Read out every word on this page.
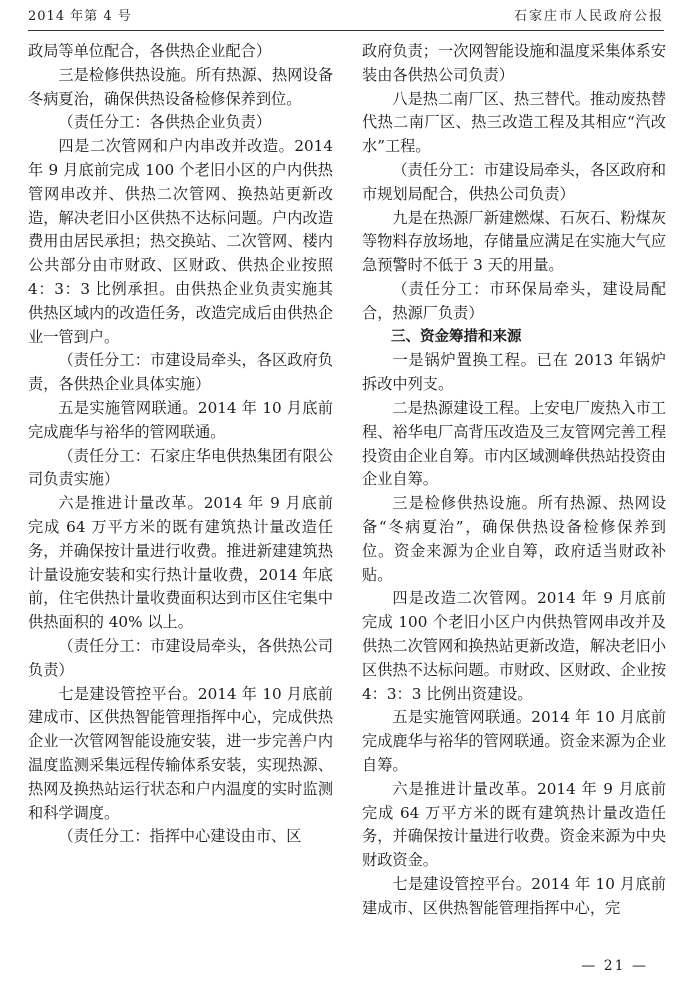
2014 年第 4 号	石家庄市人民政府公报

政局等单位配合，各供热企业配合）

三是检修供热设施。所有热源、热网设备冬病夏治，确保供热设备检修保养到位。

（责任分工：各供热企业负责）

四是二次管网和户内串改并改造。2014 年 9 月底前完成 100 个老旧小区的户内供热管网串改并、供热二次管网、换热站更新改造，解决老旧小区供热不达标问题。户内改造费用由居民承担；热交换站、二次管网、楼内公共部分由市财政、区财政、供热企业按照 4：3：3 比例承担。由供热企业负责实施其供热区域内的改造任务，改造完成后由供热企业一管到户。

（责任分工：市建设局牵头，各区政府负责，各供热企业具体实施）

五是实施管网联通。2014 年 10 月底前完成鹿华与裕华的管网联通。

（责任分工：石家庄华电供热集团有限公司负责实施）

六是推进计量改革。2014 年 9 月底前完成 64 万平方米的既有建筑热计量改造任务，并确保按计量进行收费。推进新建建筑热计量设施安装和实行热计量收费，2014 年底前，住宅供热计量收费面积达到市区住宅集中供热面积的 40% 以上。

（责任分工：市建设局牵头，各供热公司负责）

七是建设管控平台。2014 年 10 月底前建成市、区供热智能管理指挥中心，完成供热企业一次管网智能设施安装，进一步完善户内温度监测采集远程传输体系安装，实现热源、热网及换热站运行状态和户内温度的实时监测和科学调度。

（责任分工：指挥中心建设由市、区

政府负责；一次网智能设施和温度采集体系安装由各供热公司负责）

八是热二南厂区、热三替代。推动废热替代热二南厂区、热三改造工程及其相应“汽改水”工程。

（责任分工：市建设局牵头，各区政府和市规划局配合，供热公司负责）

九是在热源厂新建燃煤、石灰石、粉煤灰等物料存放场地，存储量应满足在实施大气应急预警时不低于 3 天的用量。

（责任分工：市环保局牵头，建设局配合，热源厂负责）

三、资金筹措和来源

一是锅炉置换工程。已在 2013 年锅炉拆改中列支。

二是热源建设工程。上安电厂废热入市工程、裕华电厂高背压改造及三友管网完善工程投资由企业自筹。市内区域测峰供热站投资由企业自筹。

三是检修供热设施。所有热源、热网设备“冬病夏治”，确保供热设备检修保养到位。资金来源为企业自筹，政府适当财政补贴。

四是改造二次管网。2014 年 9 月底前完成 100 个老旧小区户内供热管网串改并及供热二次管网和换热站更新改造，解决老旧小区供热不达标问题。市财政、区财政、企业按 4：3：3 比例出资建设。

五是实施管网联通。2014 年 10 月底前完成鹿华与裕华的管网联通。资金来源为企业自筹。

六是推进计量改革。2014 年 9 月底前完成 64 万平方米的既有建筑热计量改造任务，并确保按计量进行收费。资金来源为中央财政资金。

七是建设管控平台。2014 年 10 月底前建成市、区供热智能管理指挥中心，完

— 21 —
